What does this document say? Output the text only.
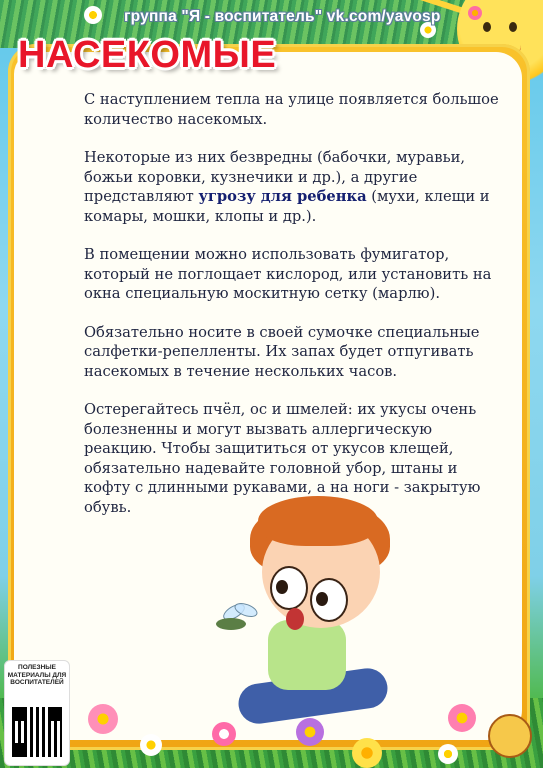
группа "Я - воспитатель" vk.com/yavosp
НАСЕКОМЫЕ

С наступлением тепла на улице появляется большое количество насекомых.

Некоторые из них безвредны (бабочки, муравьи, божьи коровки, кузнечики и др.), а другие представляют угрозу для ребенка (мухи, клещи и комары, мошки, клопы и др.).

В помещении можно использовать фумигатор, который не поглощает кислород, или установить на окна специальную москитную сетку (марлю).

Обязательно носите в своей сумочке специальные салфетки-репелленты. Их запах будет отпугивать насекомых в течение нескольких часов.

Остерегайтесь пчёл, ос и шмелей: их укусы очень болезненны и могут вызвать аллергическую реакцию. Чтобы защититься от укусов клещей, обязательно надевайте головной убор, штаны и кофту с длинными рукавами, а на ноги - закрытую обувь.

ПОЛЕЗНЫЕ МАТЕРИАЛЫ ДЛЯ ВОСПИТАТЕЛЕЙ
